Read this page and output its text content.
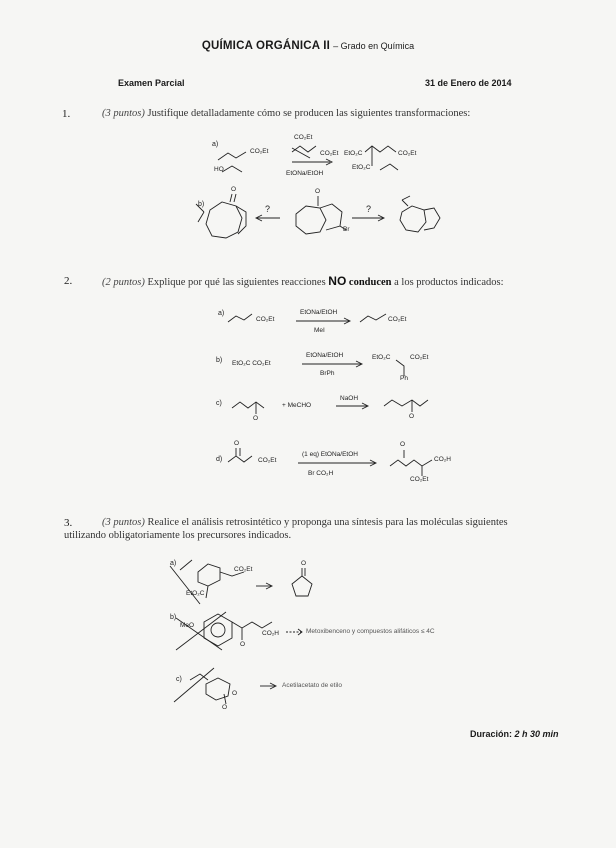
QUÍMICA ORGÁNICA II – Grado en Química
Examen Parcial	31 de Enero de 2014
1.	(3 puntos) Justifique detalladamente cómo se producen las siguientes transformaciones:
2.	(2 puntos) Explique por qué las siguientes reacciones NO conducen a los productos indicados:
3.	(3 puntos) Realice el análisis retrosintético y proponga una síntesis para las moléculas siguientes
utilizando obligatoriamente los precursores indicados.
a)
CO₂Et
HO
CO₂Et
CO₂Et
EtONa/EtOH
EtO₂C	CO₂Et
EtO₂C
b)
O	O
Br
?	?
a)
CO₂Et
EtONa/EtOH
MeI
CO₂Et
b) EtO₂C CO₂Et
EtONa/EtOH
BrPh
EtO₂C	CO₂Et
Ph
c)
O
+ MeCHO
NaOH
O
d)
O
CO₂Et
(1 eq) EtONa/EtOH
Br CO₂H
O
CO₂H
CO₂Et
a)
CO₂Et
EtO₂C
O
b)
MeO
O
CO₂H	Metoxibenceno y compuestos alifáticos ≤ 4C
c)
O
O
Acetilacetato de etilo
Duración: 2 h 30 min
